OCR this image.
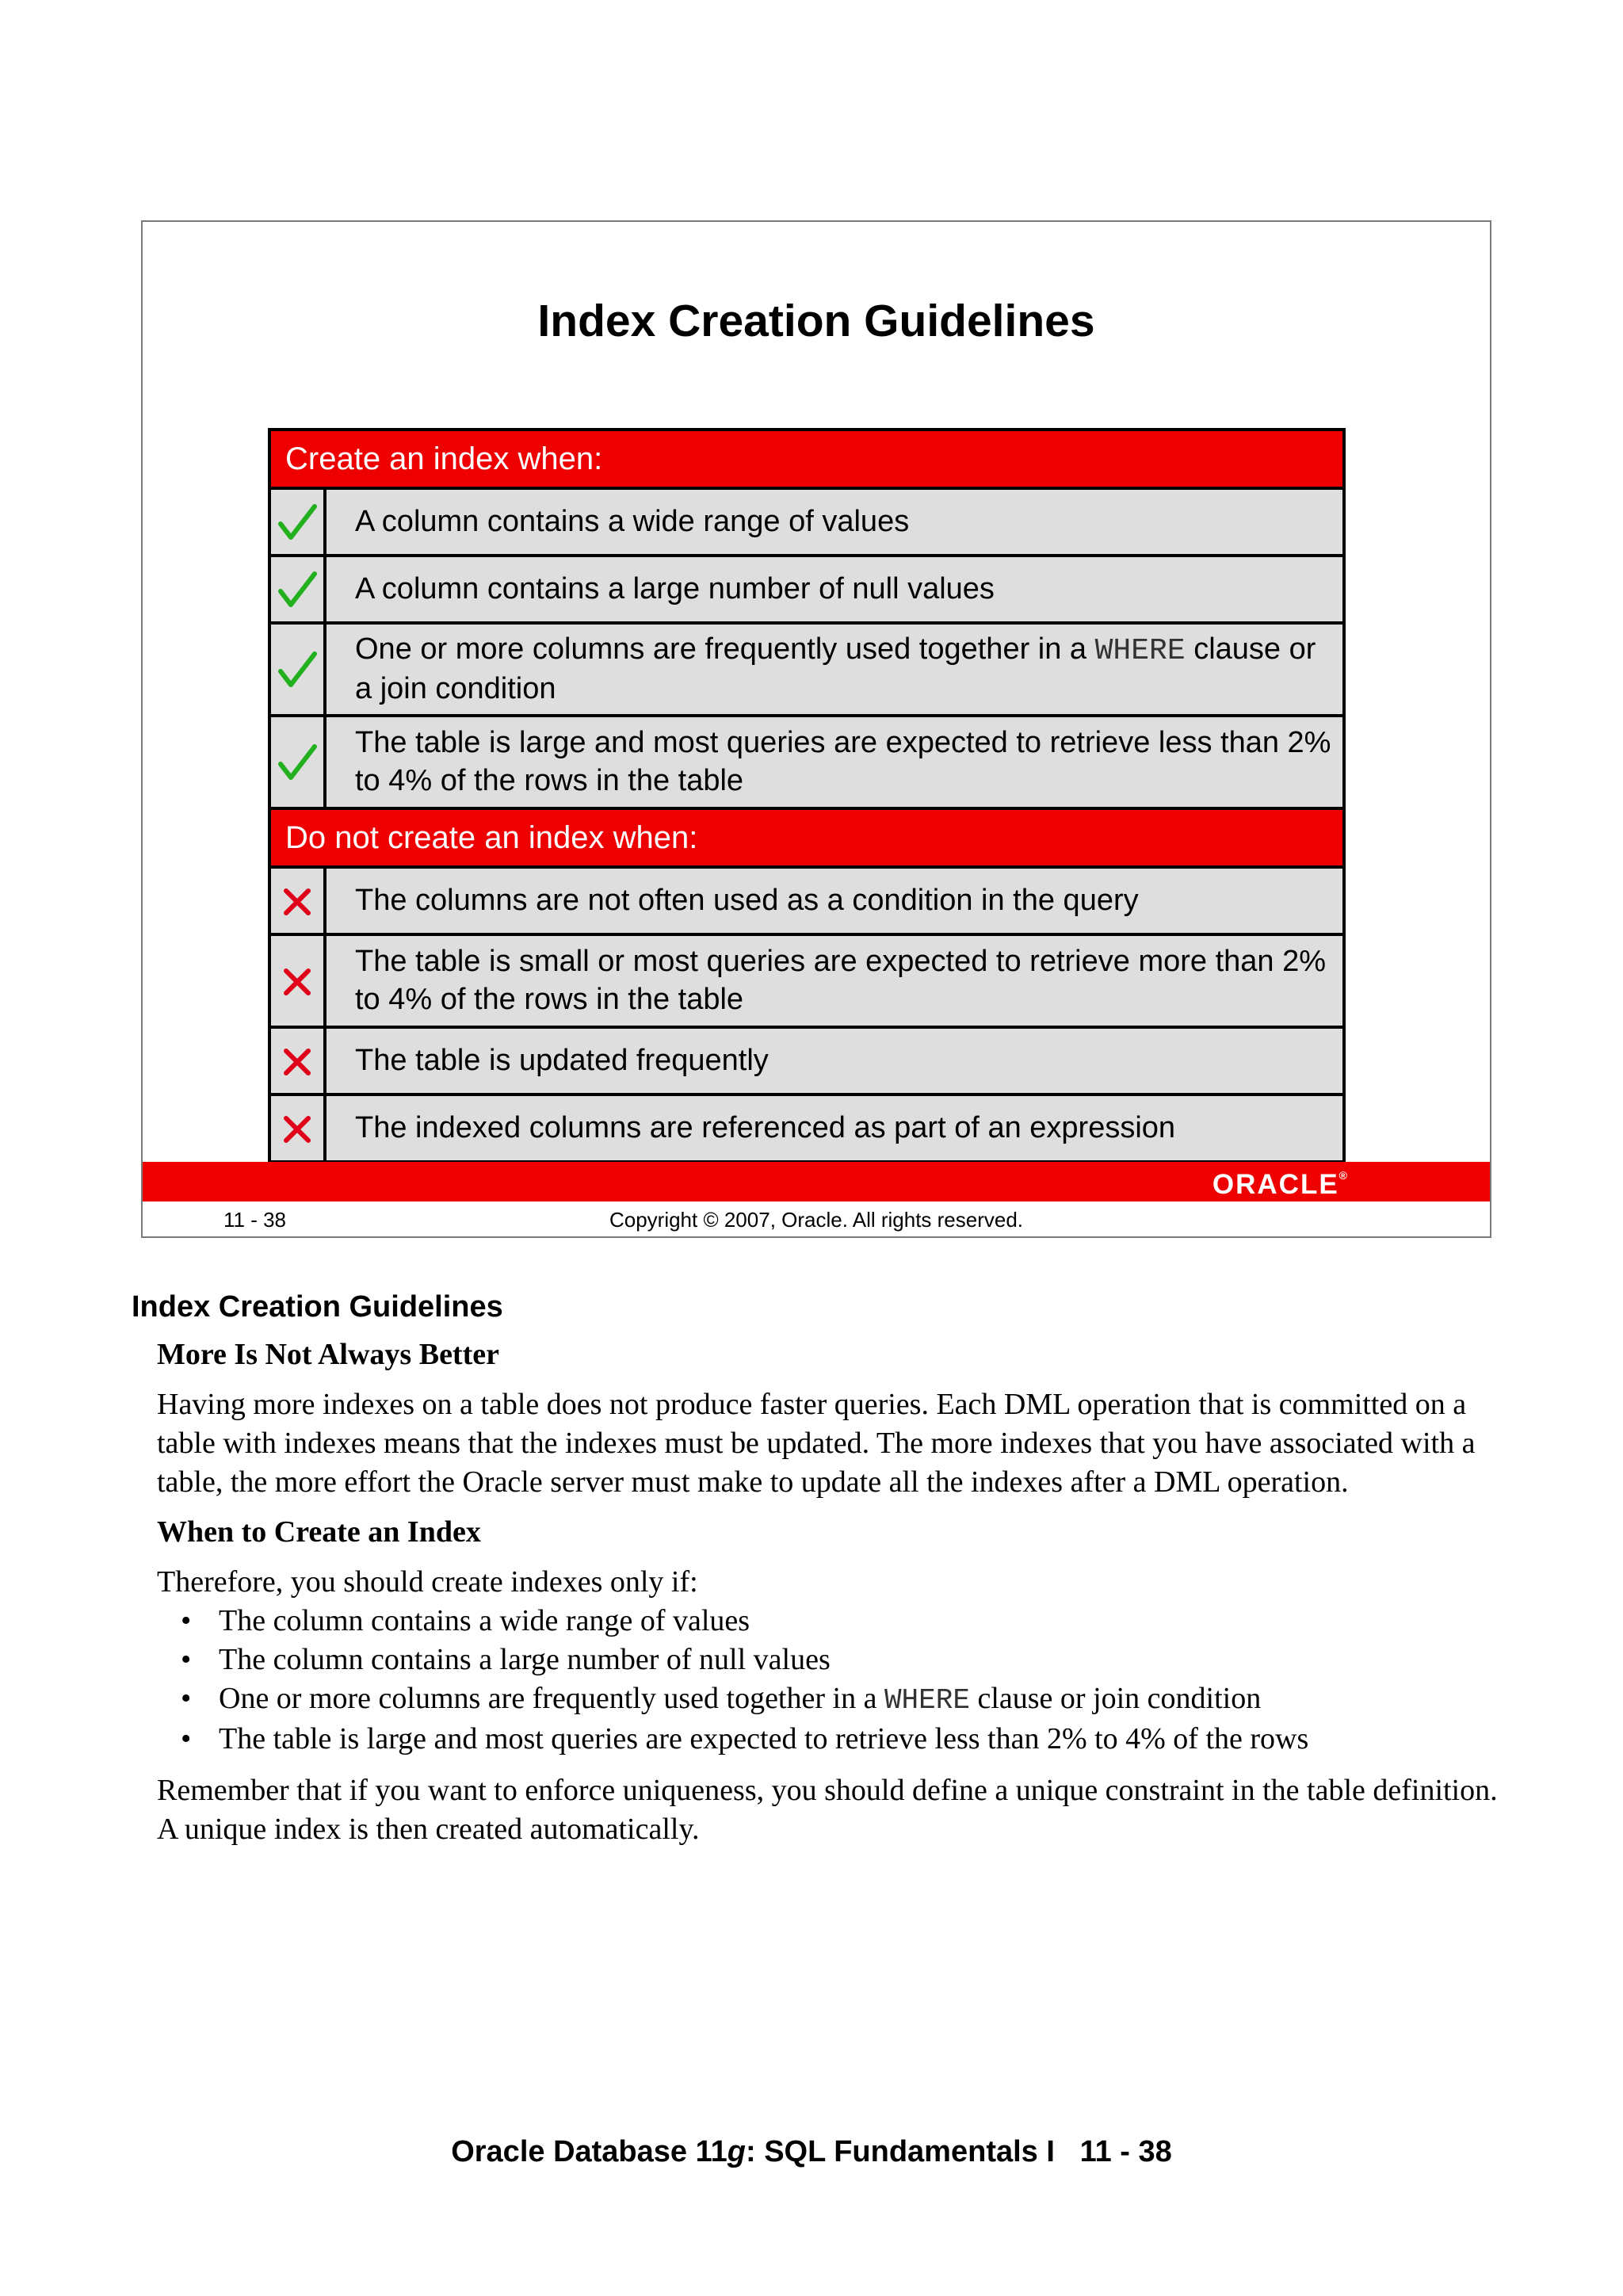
Index Creation Guidelines
Create an index when:	
	A column contains a wide range of values
	A column contains a large number of null values
	One or more columns are frequently used together in a WHERE clause or a join condition
	The table is large and most queries are expected to retrieve less than 2% to 4% of the rows in the table
Do not create an index when:	
	The columns are not often used as a condition in the query
	The table is small or most queries are expected to retrieve more than 2% to 4% of the rows in the table
	The table is updated frequently
	The indexed columns are referenced as part of an expression
ORACLE®
11 - 38	Copyright © 2007, Oracle. All rights reserved.
Index Creation Guidelines
More Is Not Always Better

Having more indexes on a table does not produce faster queries. Each DML operation that is committed on a table with indexes means that the indexes must be updated. The more indexes that you have associated with a table, the more effort the Oracle server must make to update all the indexes after a DML operation.

When to Create an Index

Therefore, you should create indexes only if:

• The column contains a wide range of values
• The column contains a large number of null values
• One or more columns are frequently used together in a WHERE clause or join condition
• The table is large and most queries are expected to retrieve less than 2% to 4% of the rows

Remember that if you want to enforce uniqueness, you should define a unique constraint in the table definition. A unique index is then created automatically.

Oracle Database 11g: SQL Fundamentals I   11 - 38
